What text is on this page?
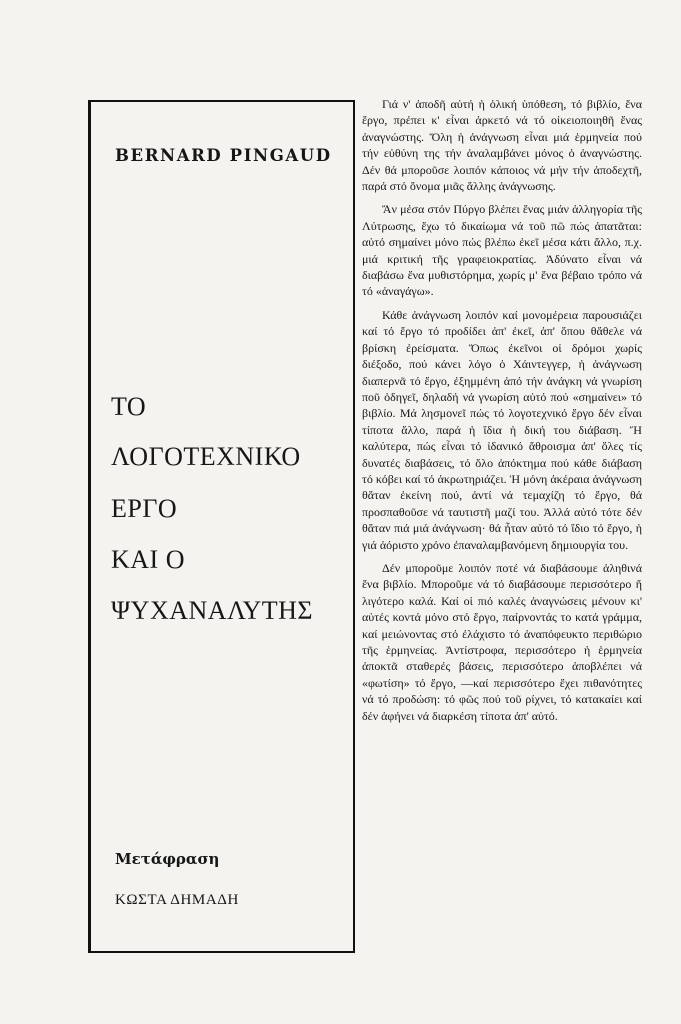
BERNARD PINGAUD
ΤΟ
ΛΟΓΟΤΕΧΝΙΚΟ
ΕΡΓΟ
ΚΑΙ Ο
ΨΥΧΑΝΑΛΥΤΗΣ
Μετάφραση
ΚΩΣΤΑ ΔΗΜΑΔΗ

Γιά ν' ἀποδῆ αὐτή ἡ ὁλική ὑπόθεση, τό βιβλίο, ἕνα ἔργο, πρέπει κ' εἶναι ἀρκετό νά τό οἰκειοποιηθῆ ἕνας ἀναγνώστης. Ὅλη ἡ ἀνάγνωση εἶναι μιά ἑρμηνεία πού τήν εὐθύνη της τήν ἀναλαμβάνει μόνος ὁ ἀναγνώστης. Δέν θά μποροῦσε λοιπόν κάποιος νά μήν τήν ἀποδεχτῆ, παρά στό ὄνομα μιᾶς ἄλλης ἀνάγνωσης.

Ἄν μέσα στόν Πύργο βλέπει ἕνας μιάν ἀλληγορία τῆς Λύτρωσης, ἔχω τό δικαίωμα νά τοῦ πῶ πώς ἀπατᾶται: αὐτό σημαίνει μόνο πώς βλέπω ἐκεῖ μέσα κάτι ἄλλο, π.χ. μιά κριτική τῆς γραφειοκρατίας. Ἀδύνατο εἶναι νά διαβάσω ἕνα μυθιστόρημα, χωρίς μ' ἕνα βέβαιο τρόπο νά τό «ἀναγάγω».

Κάθε ἀνάγνωση λοιπόν καί μονομέρεια παρουσιάζει καί τό ἔργο τό προδίδει ἀπ' ἐκεῖ, ἀπ' ὅπου θἄθελε νά βρίσκη ἐρείσματα. Ὅπως ἐκεῖνοι οἱ δρόμοι χωρίς διέξοδο, πού κάνει λόγο ὁ Χάιντεγγερ, ἡ ἀνάγνωση διαπερνᾶ τό ἔργο, ἐξημμένη ἀπό τήν ἀνάγκη νά γνωρίση ποῦ ὁδηγεῖ, δηλαδή νά γνωρίση αὐτό πού «σημαίνει» τό βιβλίο. Μά λησμονεῖ πώς τό λογοτεχνικό ἔργο δέν εἶναι τίποτα ἄλλο, παρά ἡ ἴδια ἡ δική του διάβαση. Ἤ καλύτερα, πώς εἶναι τό ἰδανικό ἄθροισμα ἀπ' ὅλες τίς δυνατές διαβάσεις, τό ὅλο ἀπόκτημα πού κάθε διάβαση τό κόβει καί τό ἀκρωτηριάζει. Ἡ μόνη ἀκέραια ἀνάγνωση θἄταν ἐκείνη πού, ἀντί νά τεμαχίζη τό ἔργο, θά προσπαθοῦσε νά ταυτιστῆ μαζί του. Ἀλλά αὐτό τότε δέν θἄταν πιά μιά ἀνάγνωση· θά ἦταν αὐτό τό ἴδιο τό ἔργο, ἡ γιά ἀόριστο χρόνο ἐπαναλαμβανόμενη δημιουργία του.

Δέν μποροῦμε λοιπόν ποτέ νά διαβάσουμε ἀληθινά ἕνα βιβλίο. Μποροῦμε νά τό διαβάσουμε περισσότερο ἤ λιγότερο καλά. Καί οἱ πιό καλές ἀναγνώσεις μένουν κι' αὐτές κοντά μόνο στό ἔργο, παίρνοντάς το κατά γράμμα, καί μειώνοντας στό ἐλάχιστο τό ἀναπόφευκτο περιθώριο τῆς ἑρμηνείας. Ἀντίστροφα, περισσότερο ἡ ἑρμηνεία ἀποκτᾶ σταθερές βάσεις, περισσότερο ἀποβλέπει νά «φωτίση» τό ἔργο, —καί περισσότερο ἔχει πιθανότητες νά τό προδώση: τό φῶς πού τοῦ ρίχνει, τό κατακαίει καί δέν ἀφήνει νά διαρκέση τίποτα ἀπ' αὐτό.
